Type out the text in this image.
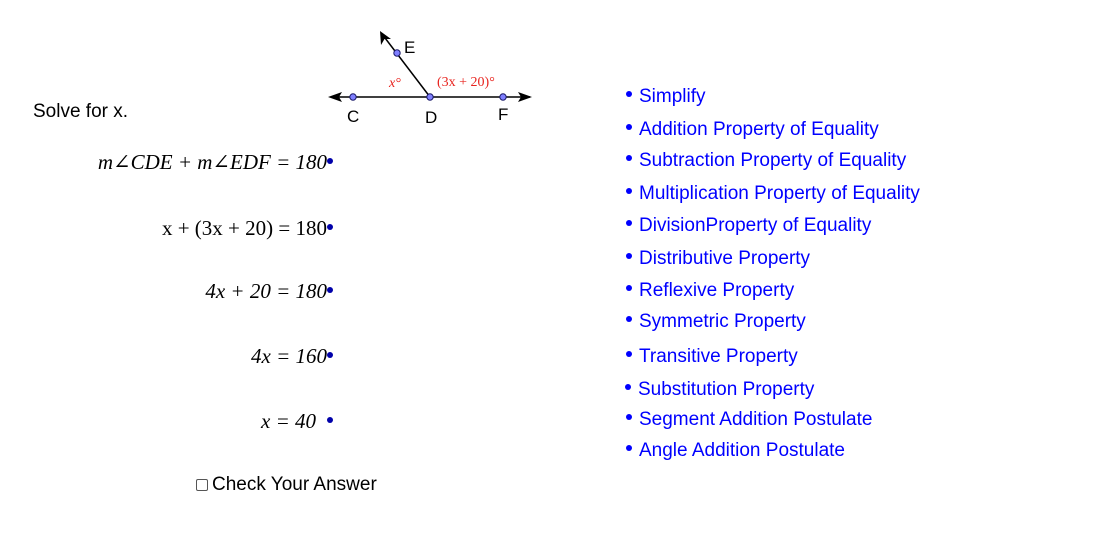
Solve for x.
E
C	D	F
x°	(3x + 20)°
m∠CDE + m∠EDF = 180
x + (3x + 20) = 180
4x + 20 = 180
4x = 160
x = 40
Simplify
Addition Property of Equality
Subtraction Property of Equality
Multiplication Property of Equality
DivisionProperty of Equality
Distributive Property
Reflexive Property
Symmetric Property
Transitive Property
Substitution Property
Segment Addition Postulate
Angle Addition Postulate
Check Your Answer
